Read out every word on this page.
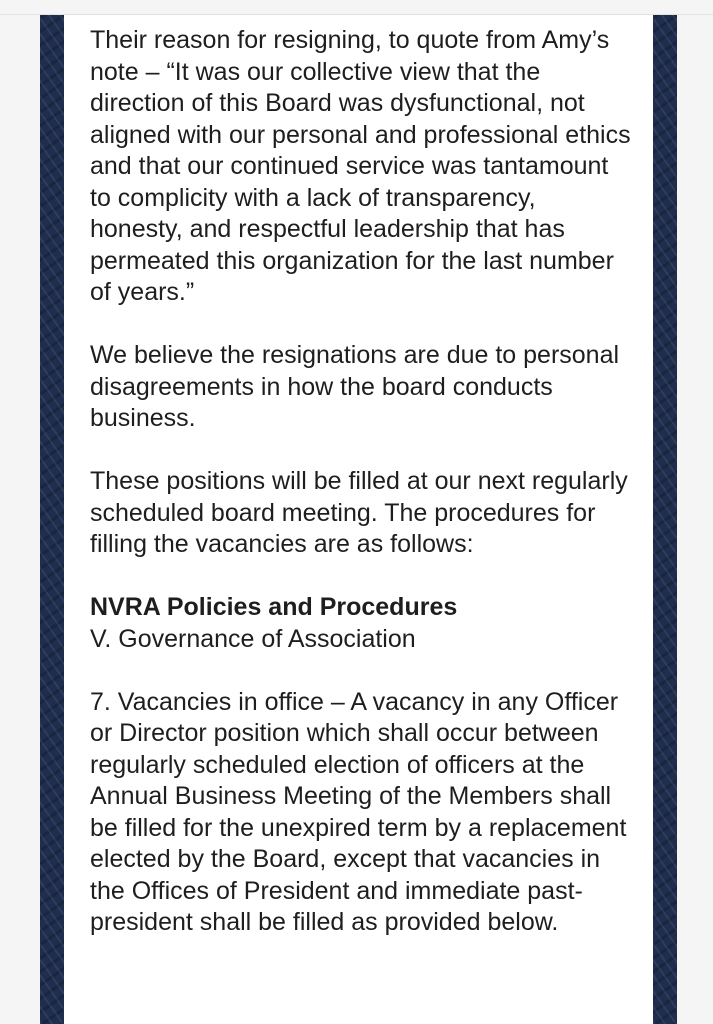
Their reason for resigning, to quote from Amy’s note – “It was our collective view that the direction of this Board was dysfunctional, not aligned with our personal and professional ethics and that our continued service was tantamount to complicity with a lack of transparency, honesty, and respectful leadership that has permeated this organization for the last number of years.”

We believe the resignations are due to personal disagreements in how the board conducts business.

These positions will be filled at our next regularly scheduled board meeting. The procedures for filling the vacancies are as follows:

NVRA Policies and Procedures
V. Governance of Association

7. Vacancies in office – A vacancy in any Officer or Director position which shall occur between regularly scheduled election of officers at the Annual Business Meeting of the Members shall be filled for the unexpired term by a replacement elected by the Board, except that vacancies in the Offices of President and immediate past-president shall be filled as provided below.
